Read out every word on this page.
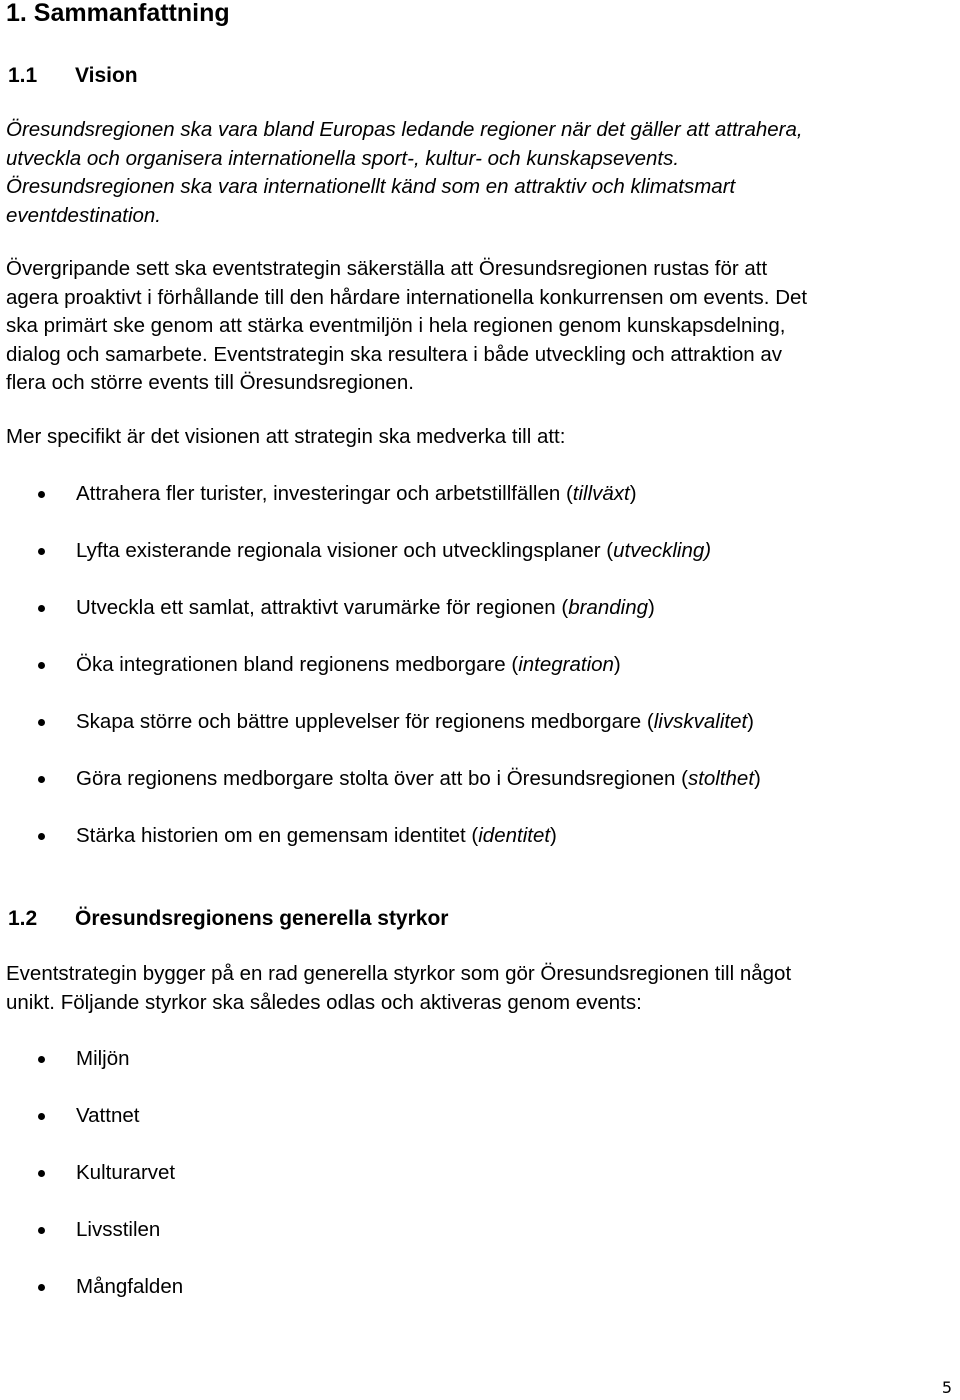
1. Sammanfattning
1.1 Vision
Öresundsregionen ska vara bland Europas ledande regioner när det gäller att attrahera,
utveckla och organisera internationella sport-, kultur- och kunskapsevents.
Öresundsregionen ska vara internationellt känd som en attraktiv och klimatsmart
eventdestination.
Övergripande sett ska eventstrategin säkerställa att Öresundsregionen rustas för att
agera proaktivt i förhållande till den hårdare internationella konkurrensen om events. Det
ska primärt ske genom att stärka eventmiljön i hela regionen genom kunskapsdelning,
dialog och samarbete. Eventstrategin ska resultera i både utveckling och attraktion av
flera och större events till Öresundsregionen.
Mer specifikt är det visionen att strategin ska medverka till att:
Attrahera fler turister, investeringar och arbetstillfällen (tillväxt)
Lyfta existerande regionala visioner och utvecklingsplaner (utveckling)
Utveckla ett samlat, attraktivt varumärke för regionen (branding)
Öka integrationen bland regionens medborgare (integration)
Skapa större och bättre upplevelser för regionens medborgare (livskvalitet)
Göra regionens medborgare stolta över att bo i Öresundsregionen (stolthet)
Stärka historien om en gemensam identitet (identitet)
1.2 Öresundsregionens generella styrkor
Eventstrategin bygger på en rad generella styrkor som gör Öresundsregionen till något
unikt. Följande styrkor ska således odlas och aktiveras genom events:
Miljön
Vattnet
Kulturarvet
Livsstilen
Mångfalden
5
